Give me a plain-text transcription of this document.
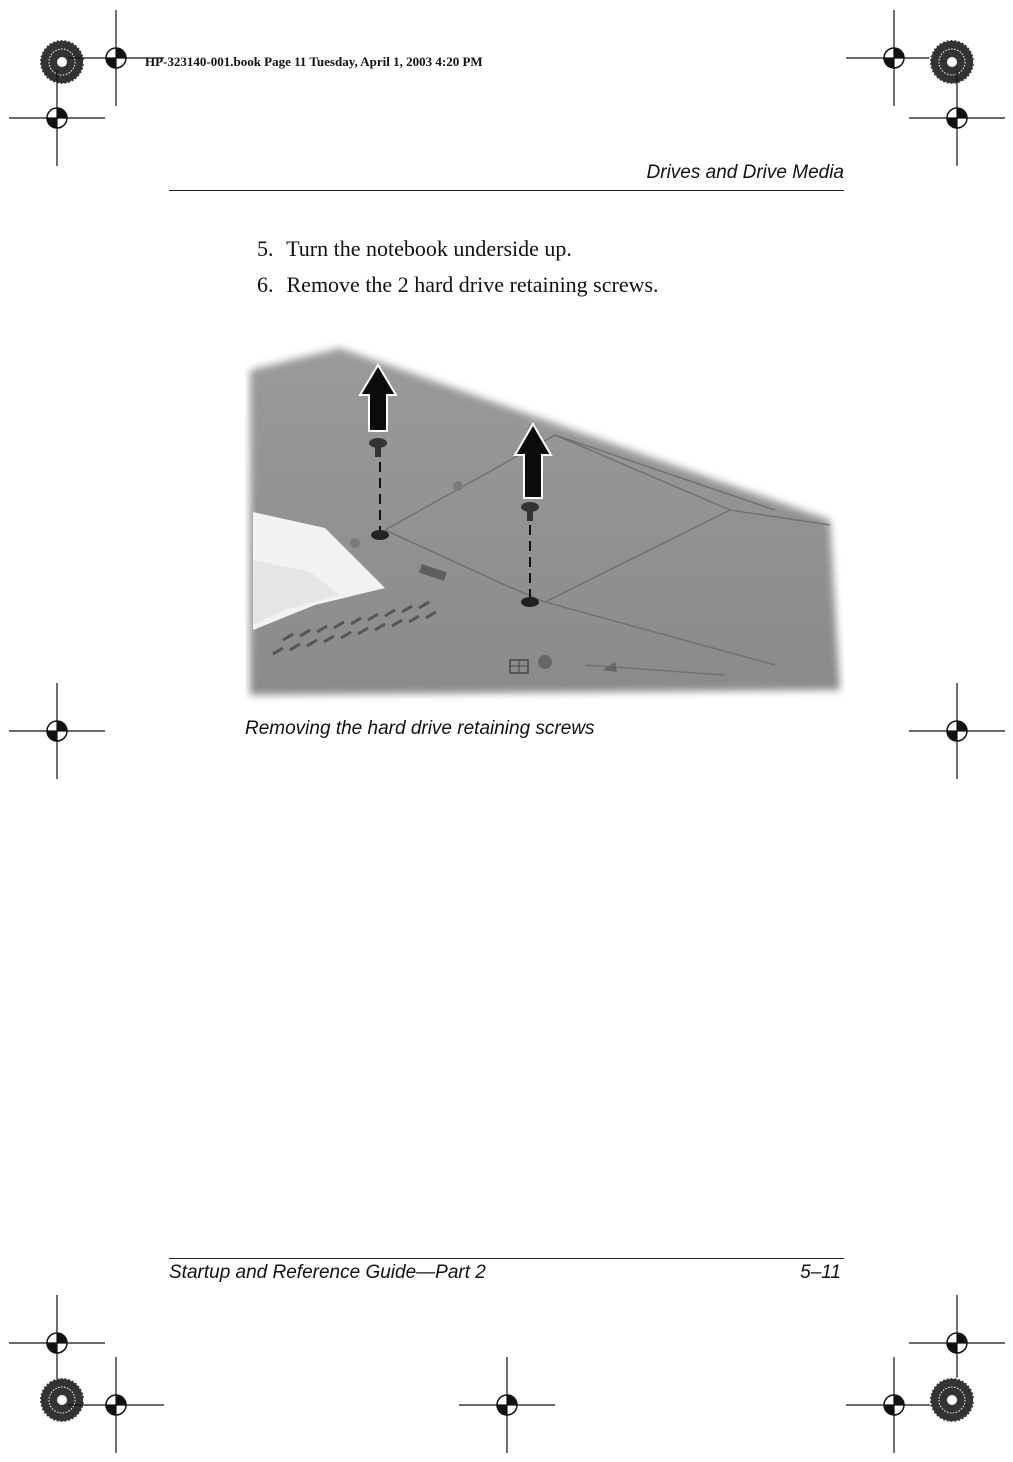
HP-323140-001.book Page 11 Tuesday, April 1, 2003 4:20 PM
Drives and Drive Media
5. Turn the notebook underside up.
6. Remove the 2 hard drive retaining screws.
Removing the hard drive retaining screws
Startup and Reference Guide—Part 2	5–11
